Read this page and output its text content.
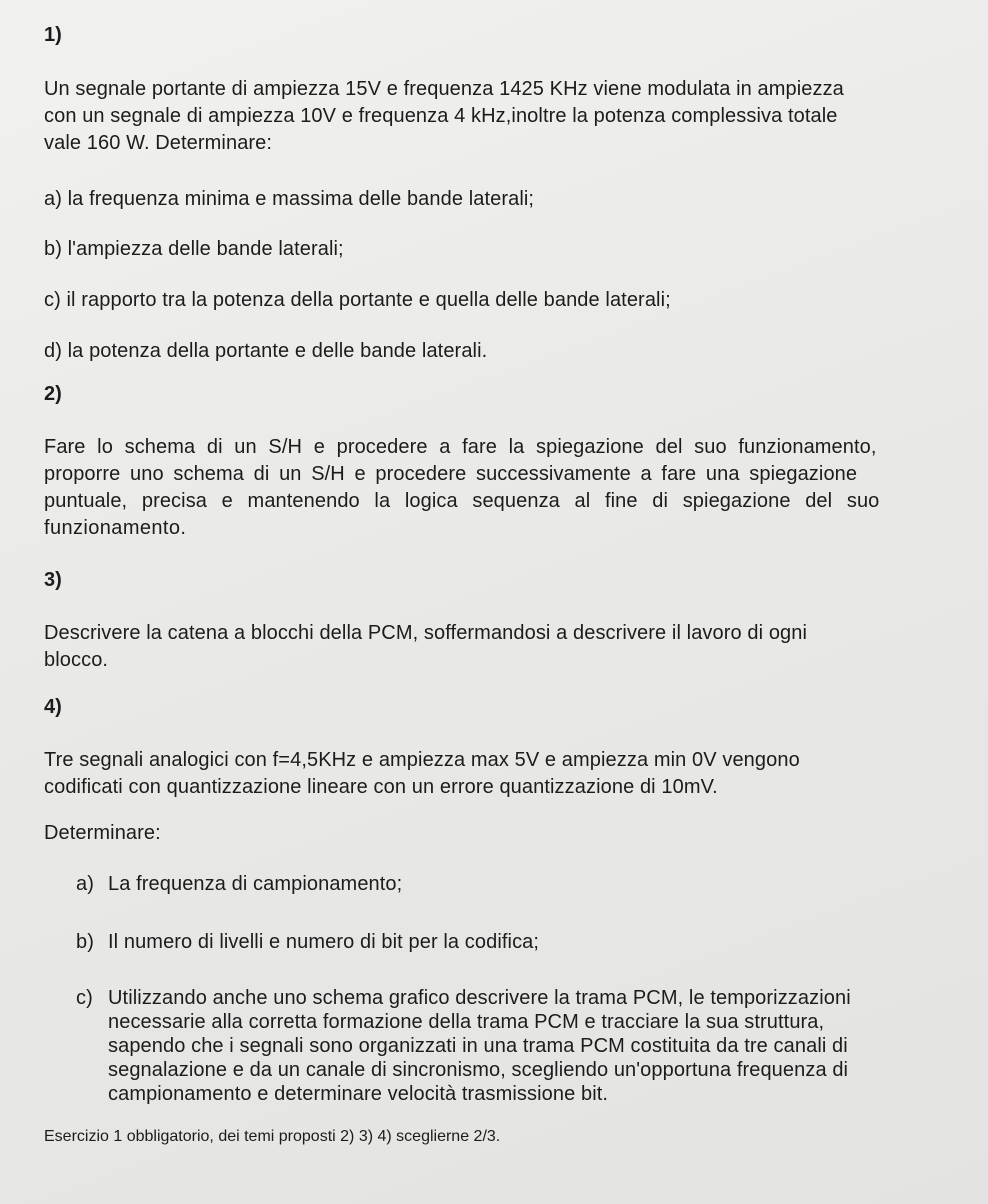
1)
Un segnale portante di ampiezza 15V e frequenza 1425 KHz viene modulata in ampiezza
con un segnale di ampiezza 10V e frequenza 4 kHz,inoltre la potenza complessiva totale
vale 160 W. Determinare:
a) la frequenza minima e massima delle bande laterali;
b) l'ampiezza delle bande laterali;
c) il rapporto tra la potenza della portante e quella delle bande laterali;
d) la potenza della portante e delle bande laterali.
2)
Fare lo schema di un S/H e procedere a fare la spiegazione del suo funzionamento,
proporre uno schema di un S/H e procedere successivamente a fare una spiegazione
puntuale, precisa e mantenendo la logica sequenza al fine di spiegazione del suo
funzionamento.
3)
Descrivere la catena a blocchi della PCM, soffermandosi a descrivere il lavoro di ogni
blocco.
4)
Tre segnali analogici con f=4,5KHz e ampiezza max 5V e ampiezza min 0V vengono
codificati con quantizzazione lineare con un errore quantizzazione di 10mV.
Determinare:
a) La frequenza di campionamento;
b) Il numero di livelli e numero di bit per la codifica;
c) Utilizzando anche uno schema grafico descrivere la trama PCM, le temporizzazioni
necessarie alla corretta formazione della trama PCM e tracciare la sua struttura,
sapendo che i segnali sono organizzati in una trama PCM costituita da tre canali di
segnalazione e da un canale di sincronismo, scegliendo un'opportuna frequenza di
campionamento e determinare velocità trasmissione bit.
Esercizio 1 obbligatorio, dei temi proposti 2) 3) 4) sceglierne 2/3.
